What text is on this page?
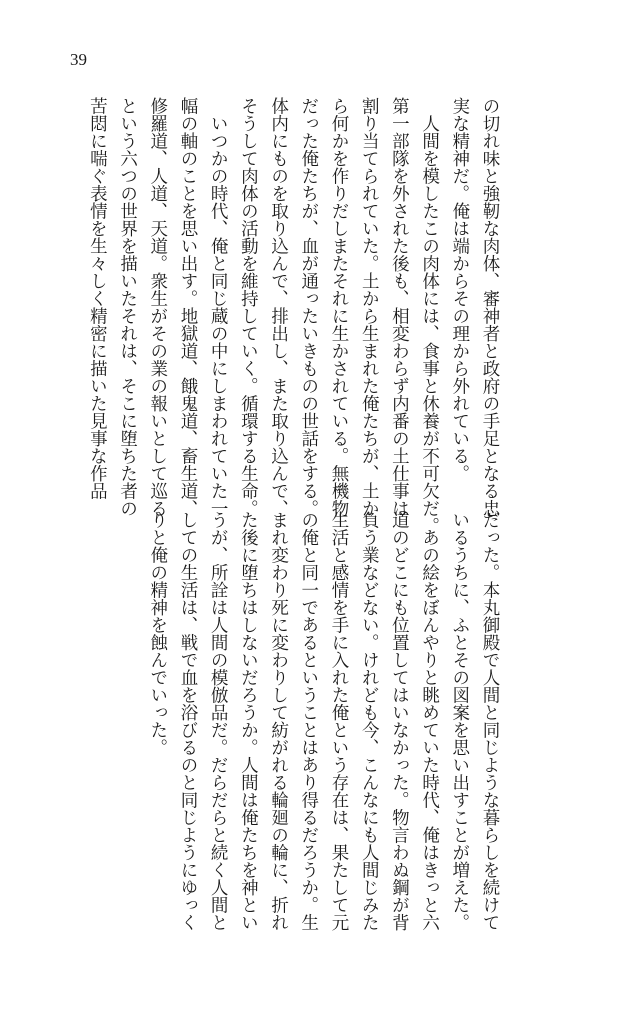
39
の切れ味と強靭な肉体、審神者と政府の手足となる忠
実な精神だ。俺は端からその理から外れている。
　人間を模したこの肉体には、食事と休養が不可欠だ。
第一部隊を外された後も、相変わらず内番の土仕事は
割り当てられていた。土から生まれた俺たちが、土か
ら何かを作りだしまたそれに生かされている。無機物
だった俺たちが、血が通ったいきものの世話をする。
体内にものを取り込んで、排出し、また取り込んで、
そうして肉体の活動を維持していく。循環する生命。
　いつかの時代、俺と同じ蔵の中にしまわれていた一
幅の軸のことを思い出す。地獄道、餓鬼道、畜生道、
修羅道、人道、天道。衆生がその業の報いとして巡る
という六つの世界を描いたそれは、そこに堕ちた者の
苦悶に喘ぐ表情を生々しく精密に描いた見事な作品
だった。本丸御殿で人間と同じような暮らしを続けて
いるうちに、ふとその図案を思い出すことが増えた。
　あの絵をぼんやりと眺めていた時代、俺はきっと六
道のどこにも位置してはいなかった。物言わぬ鋼が背
負う業などない。けれども今、こんなにも人間じみた
生活と感情を手に入れた俺という存在は、果たして元
の俺と同一であるということはあり得るだろうか。生
まれ変わり死に変わりして紡がれる輪廻の輪に、折れ
た後に堕ちはしないだろうか。人間は俺たちを神とい
うが、所詮は人間の模倣品だ。だらだらと続く人間と
しての生活は、戦で血を浴びるのと同じようにゆっく
りと俺の精神を蝕んでいった。
